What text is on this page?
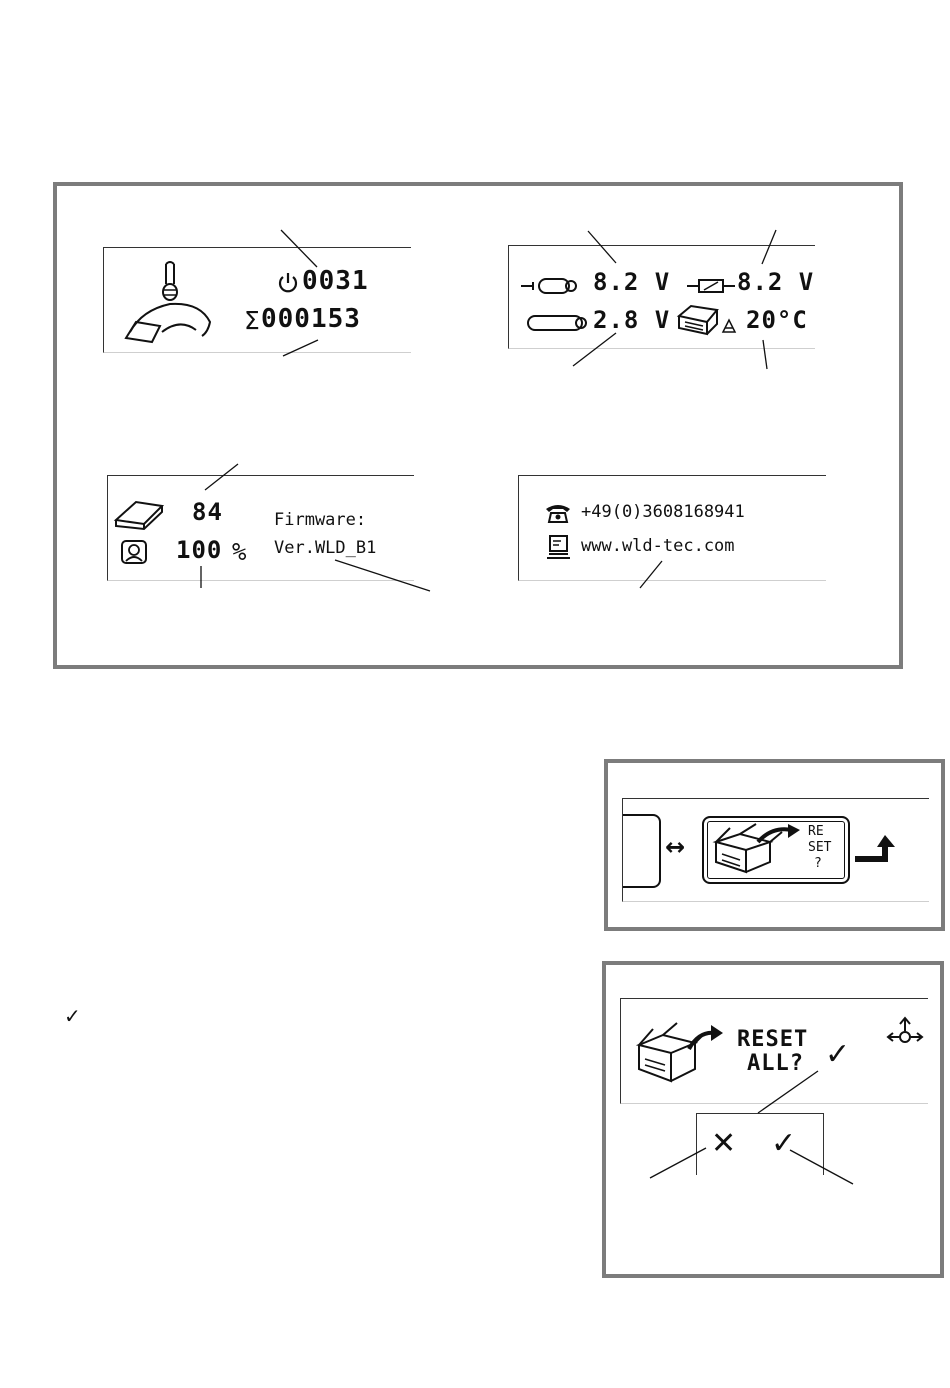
0031
Σ 000153
8.2 V	8.2 V
2.8 V	20°C
84
100 %
Firmware:
Ver.WLD_B1
+49(0)3608168941
www.wld-tec.com
↔
RE
SET
?
RESET
ALL? ✓
✕ ✓
✓
